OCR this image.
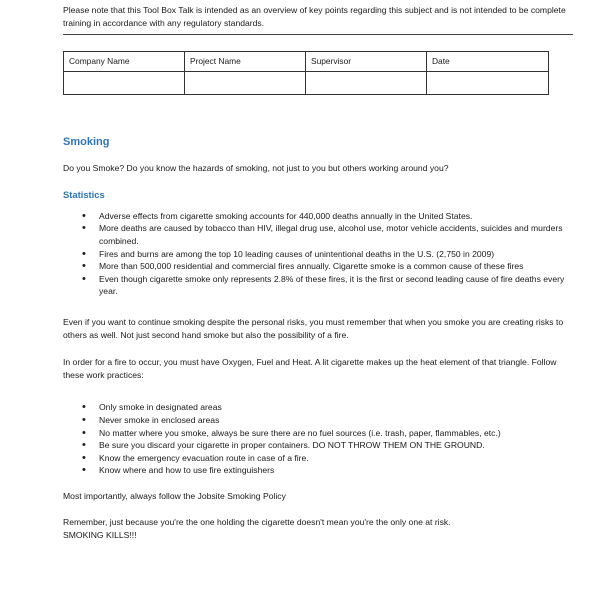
Please note that this Tool Box Talk is intended as an overview of key points regarding this subject and is not intended to be complete training in accordance with any regulatory standards.

Company Name	Project Name	Supervisor	Date

Smoking

Do you Smoke? Do you know the hazards of smoking, not just to you but others working around you?

Statistics
• Adverse effects from cigarette smoking accounts for 440,000 deaths annually in the United States.
• More deaths are caused by tobacco than HIV, illegal drug use, alcohol use, motor vehicle accidents, suicides and murders combined.
• Fires and burns are among the top 10 leading causes of unintentional deaths in the U.S. (2,750 in 2009)
• More than 500,000 residential and commercial fires annually. Cigarette smoke is a common cause of these fires
• Even though cigarette smoke only represents 2.8% of these fires, it is the first or second leading cause of fire deaths every year.

Even if you want to continue smoking despite the personal risks, you must remember that when you smoke you are creating risks to others as well. Not just second hand smoke but also the possibility of a fire.

In order for a fire to occur, you must have Oxygen, Fuel and Heat. A lit cigarette makes up the heat element of that triangle. Follow these work practices:

• Only smoke in designated areas
• Never smoke in enclosed areas
• No matter where you smoke, always be sure there are no fuel sources (i.e. trash, paper, flammables, etc.)
• Be sure you discard your cigarette in proper containers. DO NOT THROW THEM ON THE GROUND.
• Know the emergency evacuation route in case of a fire.
• Know where and how to use fire extinguishers

Most importantly, always follow the Jobsite Smoking Policy

Remember, just because you're the one holding the cigarette doesn't mean you're the only one at risk.
SMOKING KILLS!!!
